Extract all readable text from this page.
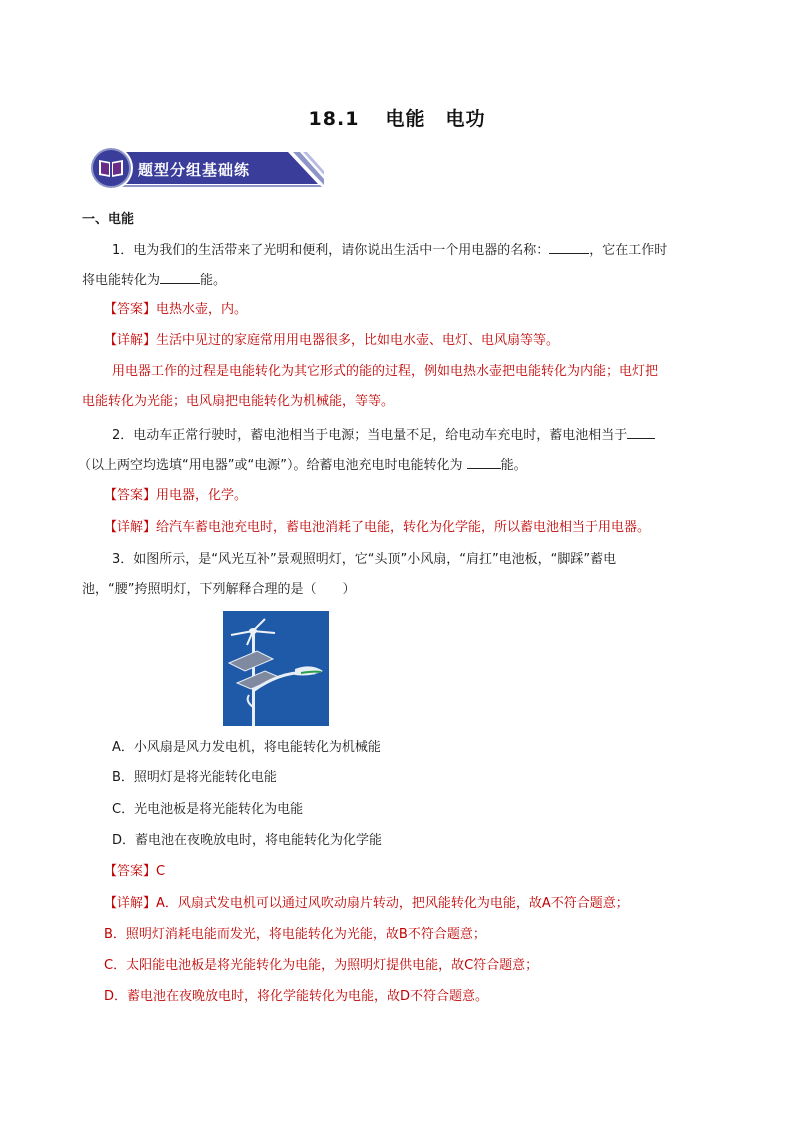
18.1 电能　电功
题型分组基础练
一、电能
1．电为我们的生活带来了光明和便利，请你说出生活中一个用电器的名称：	，它在工作时
将电能转化为	能。
【答案】电热水壶，内。
【详解】生活中见过的家庭常用用电器很多，比如电水壶、电灯、电风扇等等。
用电器工作的过程是电能转化为其它形式的能的过程，例如电热水壶把电能转化为内能；电灯把
电能转化为光能；电风扇把电能转化为机械能，等等。
2．电动车正常行驶时，蓄电池相当于电源；当电量不足，给电动车充电时，蓄电池相当于
（以上两空均选填“用电器”或“电源”）。给蓄电池充电时电能转化为	能。
【答案】用电器，化学。
【详解】给汽车蓄电池充电时，蓄电池消耗了电能，转化为化学能，所以蓄电池相当于用电器。
3．如图所示，是“风光互补”景观照明灯，它“头顶”小风扇，“肩扛”电池板，“脚踩”蓄电
池，“腰”挎照明灯，下列解释合理的是（　　）
A．小风扇是风力发电机，将电能转化为机械能
B．照明灯是将光能转化电能
C．光电池板是将光能转化为电能
D．蓄电池在夜晚放电时，将电能转化为化学能
【答案】C
【详解】A．风扇式发电机可以通过风吹动扇片转动，把风能转化为电能，故A不符合题意；
B．照明灯消耗电能而发光，将电能转化为光能，故B不符合题意；
C．太阳能电池板是将光能转化为电能，为照明灯提供电能，故C符合题意；
D．蓄电池在夜晚放电时，将化学能转化为电能，故D不符合题意。
